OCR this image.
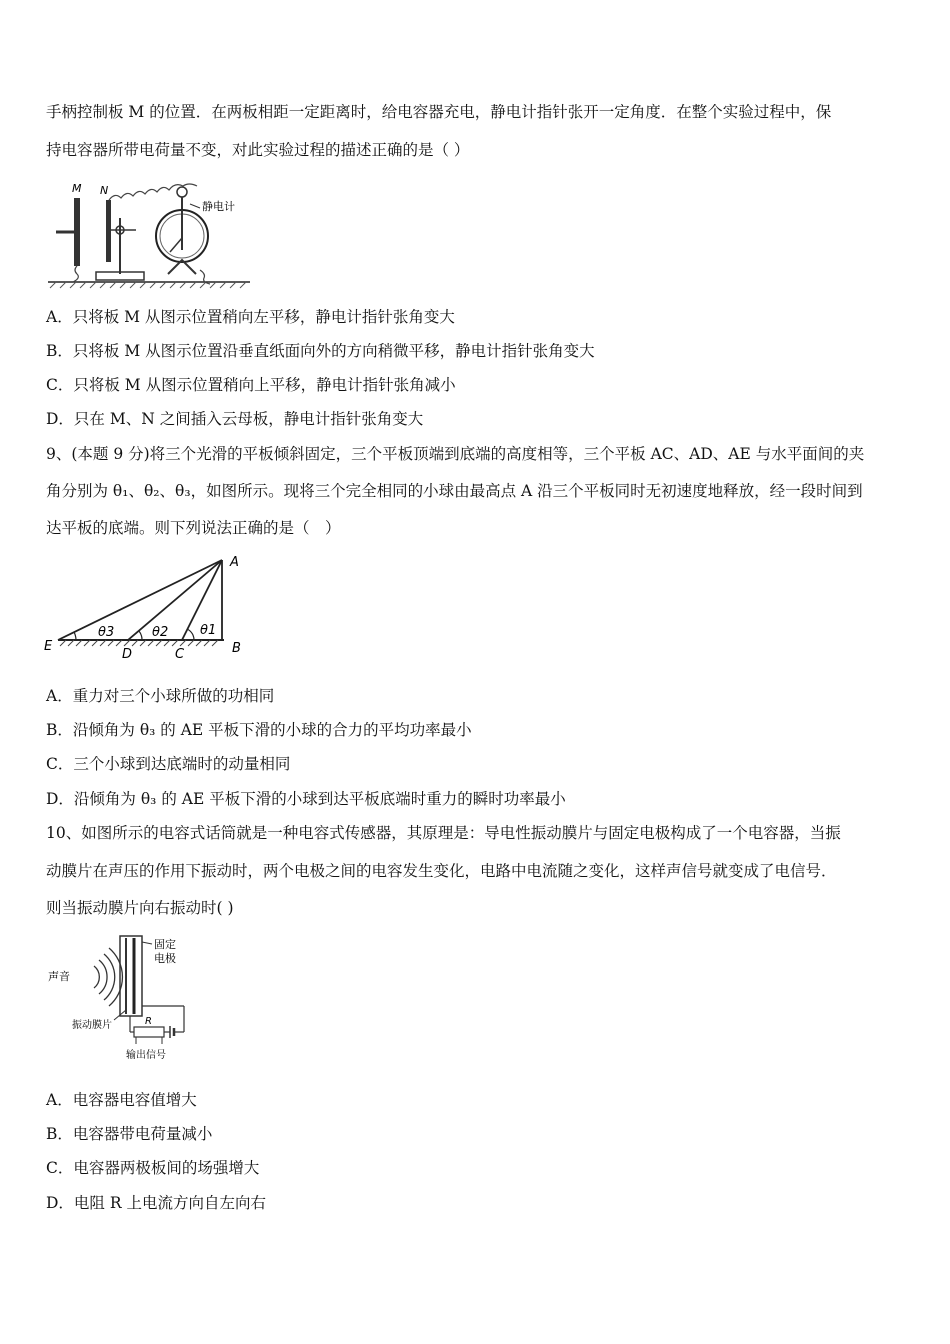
手柄控制板 M 的位置．在两板相距一定距离时，给电容器充电，静电计指针张开一定角度．在整个实验过程中，保
持电容器所带电荷量不变，对此实验过程的描述正确的是（ ）
M N
静电计
A．只将板 M 从图示位置稍向左平移，静电计指针张角变大
B．只将板 M 从图示位置沿垂直纸面向外的方向稍微平移，静电计指针张角变大
C．只将板 M 从图示位置稍向上平移，静电计指针张角减小
D．只在 M、N 之间插入云母板，静电计指针张角变大
9、(本题 9 分)将三个光滑的平板倾斜固定，三个平板顶端到底端的高度相等，三个平板 AC、AD、AE 与水平面间的夹
角分别为 θ₁、θ₂、θ₃，如图所示。现将三个完全相同的小球由最高点 A 沿三个平板同时无初速度地释放，经一段时间到
达平板的底端。则下列说法正确的是（　）
A
B
C
D
E
θ3	θ2 θ1
A．重力对三个小球所做的功相同
B．沿倾角为 θ₃ 的 AE 平板下滑的小球的合力的平均功率最小
C．三个小球到达底端时的动量相同
D．沿倾角为 θ₃ 的 AE 平板下滑的小球到达平板底端时重力的瞬时功率最小
10、如图所示的电容式话筒就是一种电容式传感器，其原理是：导电性振动膜片与固定电极构成了一个电容器，当振
动膜片在声压的作用下振动时，两个电极之间的电容发生变化，电路中电流随之变化，这样声信号就变成了电信号．
则当振动膜片向右振动时( )
声音
固定
电极
R
振动膜片
输出信号
A．电容器电容值增大
B．电容器带电荷量减小
C．电容器两极板间的场强增大
D．电阻 R 上电流方向自左向右
